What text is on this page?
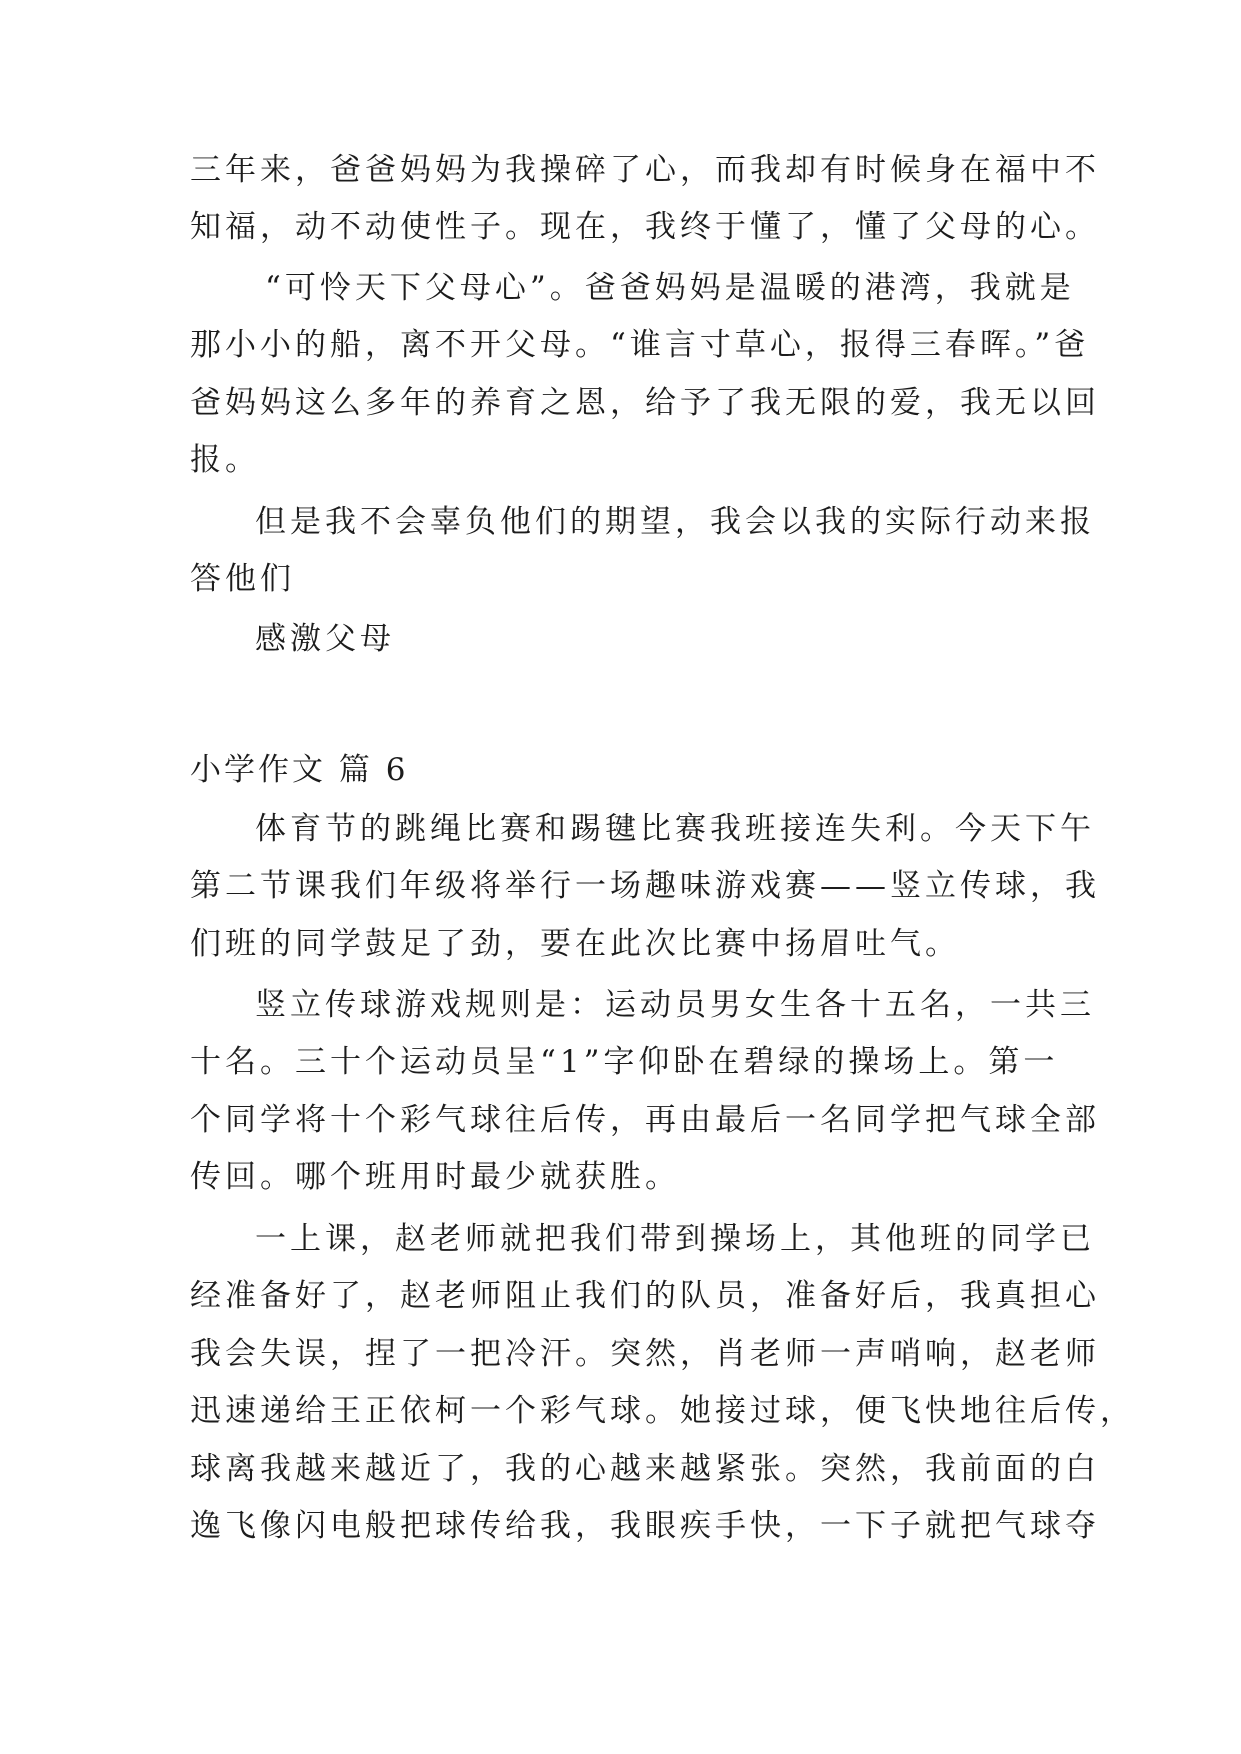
三年来，爸爸妈妈为我操碎了心，而我却有时候身在福中不
知福，动不动使性子。现在，我终于懂了，懂了父母的心。
“可怜天下父母心”。爸爸妈妈是温暖的港湾，我就是
那小小的船，离不开父母。“谁言寸草心，报得三春晖。”爸
爸妈妈这么多年的养育之恩，给予了我无限的爱，我无以回
报。
但是我不会辜负他们的期望，我会以我的实际行动来报
答他们
感激父母
小学作文 篇 6
体育节的跳绳比赛和踢毽比赛我班接连失利。今天下午
第二节课我们年级将举行一场趣味游戏赛——竖立传球，我
们班的同学鼓足了劲，要在此次比赛中扬眉吐气。
竖立传球游戏规则是：运动员男女生各十五名，一共三
十名。三十个运动员呈“1”字仰卧在碧绿的操场上。第一
个同学将十个彩气球往后传，再由最后一名同学把气球全部
传回。哪个班用时最少就获胜。
一上课，赵老师就把我们带到操场上，其他班的同学已
经准备好了，赵老师阻止我们的队员，准备好后，我真担心
我会失误，捏了一把冷汗。突然，肖老师一声哨响，赵老师
迅速递给王正依柯一个彩气球。她接过球，便飞快地往后传，
球离我越来越近了，我的心越来越紧张。突然，我前面的白
逸飞像闪电般把球传给我，我眼疾手快，一下子就把气球夺
